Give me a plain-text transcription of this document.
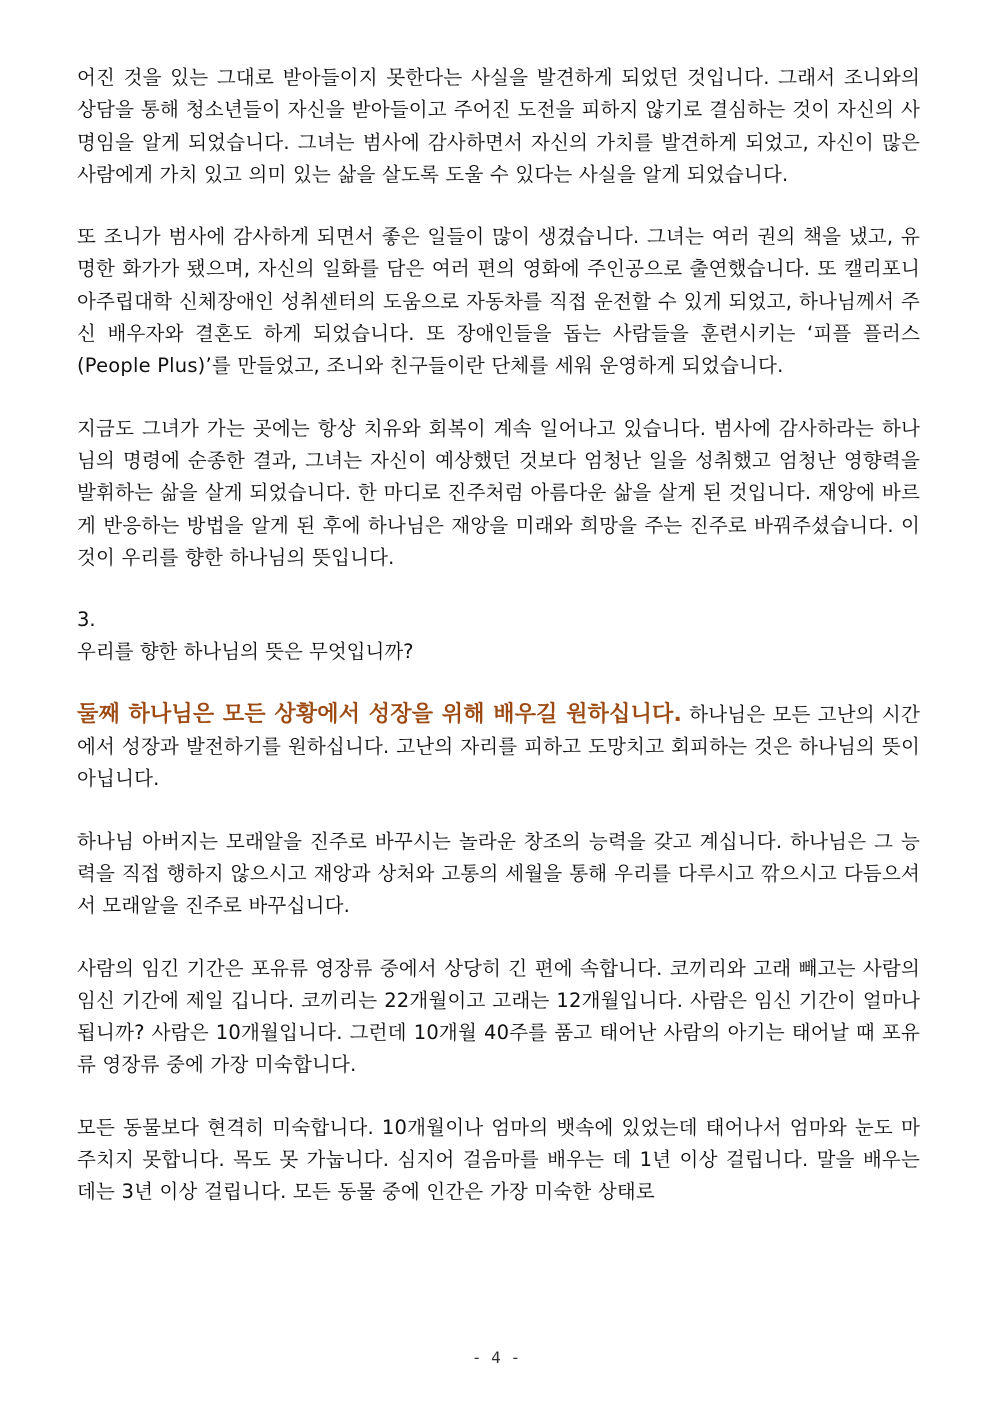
어진 것을 있는 그대로 받아들이지 못한다는 사실을 발견하게 되었던 것입니다. 그래서 조니와의 상담을 통해 청소년들이 자신을 받아들이고 주어진 도전을 피하지 않기로 결심하는 것이 자신의 사명임을 알게 되었습니다. 그녀는 범사에 감사하면서 자신의 가치를 발견하게 되었고, 자신이 많은 사람에게 가치 있고 의미 있는 삶을 살도록 도울 수 있다는 사실을 알게 되었습니다.

또 조니가 범사에 감사하게 되면서 좋은 일들이 많이 생겼습니다. 그녀는 여러 권의 책을 냈고, 유명한 화가가 됐으며, 자신의 일화를 담은 여러 편의 영화에 주인공으로 출연했습니다. 또 캘리포니아주립대학 신체장애인 성취센터의 도움으로 자동차를 직접 운전할 수 있게 되었고, 하나님께서 주신 배우자와 결혼도 하게 되었습니다. 또 장애인들을 돕는 사람들을 훈련시키는 ‘피플 플러스(People Plus)’를 만들었고, 조니와 친구들이란 단체를 세워 운영하게 되었습니다.

지금도 그녀가 가는 곳에는 항상 치유와 회복이 계속 일어나고 있습니다. 범사에 감사하라는 하나님의 명령에 순종한 결과, 그녀는 자신이 예상했던 것보다 엄청난 일을 성취했고 엄청난 영향력을 발휘하는 삶을 살게 되었습니다. 한 마디로 진주처럼 아름다운 삶을 살게 된 것입니다. 재앙에 바르게 반응하는 방법을 알게 된 후에 하나님은 재앙을 미래와 희망을 주는 진주로 바꿔주셨습니다. 이것이 우리를 향한 하나님의 뜻입니다.

3.
우리를 향한 하나님의 뜻은 무엇입니까?

둘째 하나님은 모든 상황에서 성장을 위해 배우길 원하십니다. 하나님은 모든 고난의 시간에서 성장과 발전하기를 원하십니다. 고난의 자리를 피하고 도망치고 회피하는 것은 하나님의 뜻이 아닙니다.

하나님 아버지는 모래알을 진주로 바꾸시는 놀라운 창조의 능력을 갖고 계십니다. 하나님은 그 능력을 직접 행하지 않으시고 재앙과 상처와 고통의 세월을 통해 우리를 다루시고 깎으시고 다듬으셔서 모래알을 진주로 바꾸십니다.

사람의 임긴 기간은 포유류 영장류 중에서 상당히 긴 편에 속합니다. 코끼리와 고래 빼고는 사람의 임신 기간에 제일 깁니다. 코끼리는 22개월이고 고래는 12개월입니다. 사람은 임신 기간이 얼마나 됩니까? 사람은 10개월입니다. 그런데 10개월 40주를 품고 태어난 사람의 아기는 태어날 때 포유류 영장류 중에 가장 미숙합니다.

모든 동물보다 현격히 미숙합니다. 10개월이나 엄마의 뱃속에 있었는데 태어나서 엄마와 눈도 마주치지 못합니다. 목도 못 가눕니다. 심지어 걸음마를 배우는 데 1년 이상 걸립니다. 말을 배우는 데는 3년 이상 걸립니다. 모든 동물 중에 인간은 가장 미숙한 상태로

- 4 -
